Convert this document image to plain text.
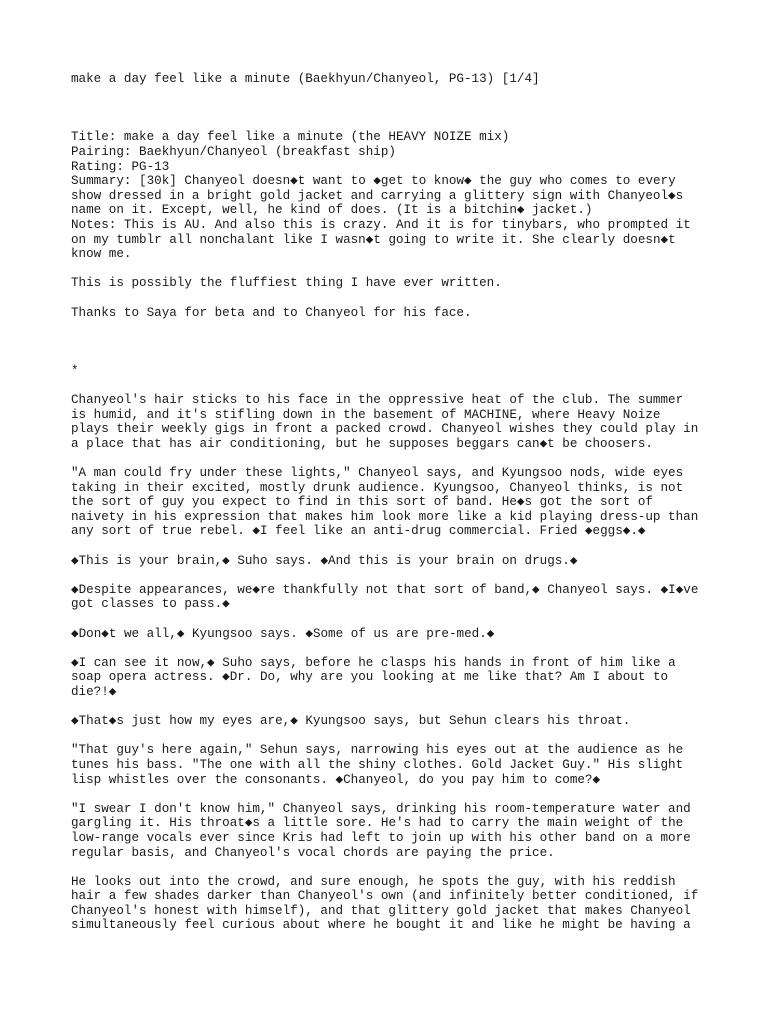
make a day feel like a minute (Baekhyun/Chanyeol, PG-13) [1/4]
Title: make a day feel like a minute (the HEAVY NOIZE mix)
Pairing: Baekhyun/Chanyeol (breakfast ship)
Rating: PG-13
Summary: [30k] Chanyeol doesn◆t want to ◆get to know◆ the guy who comes to every
show dressed in a bright gold jacket and carrying a glittery sign with Chanyeol◆s
name on it. Except, well, he kind of does. (It is a bitchin◆ jacket.)
Notes: This is AU. And also this is crazy. And it is for tinybars, who prompted it
on my tumblr all nonchalant like I wasn◆t going to write it. She clearly doesn◆t
know me.
This is possibly the fluffiest thing I have ever written.
Thanks to Saya for beta and to Chanyeol for his face.
*
Chanyeol's hair sticks to his face in the oppressive heat of the club. The summer
is humid, and it's stifling down in the basement of MACHINE, where Heavy Noize
plays their weekly gigs in front a packed crowd. Chanyeol wishes they could play in
a place that has air conditioning, but he supposes beggars can◆t be choosers.
"A man could fry under these lights," Chanyeol says, and Kyungsoo nods, wide eyes
taking in their excited, mostly drunk audience. Kyungsoo, Chanyeol thinks, is not
the sort of guy you expect to find in this sort of band. He◆s got the sort of
naivety in his expression that makes him look more like a kid playing dress-up than
any sort of true rebel. ◆I feel like an anti-drug commercial. Fried ◆eggs◆.◆
◆This is your brain,◆ Suho says. ◆And this is your brain on drugs.◆
◆Despite appearances, we◆re thankfully not that sort of band,◆ Chanyeol says. ◆I◆ve
got classes to pass.◆
◆Don◆t we all,◆ Kyungsoo says. ◆Some of us are pre-med.◆
◆I can see it now,◆ Suho says, before he clasps his hands in front of him like a
soap opera actress. ◆Dr. Do, why are you looking at me like that? Am I about to
die?!◆
◆That◆s just how my eyes are,◆ Kyungsoo says, but Sehun clears his throat.
"That guy's here again," Sehun says, narrowing his eyes out at the audience as he
tunes his bass. "The one with all the shiny clothes. Gold Jacket Guy." His slight
lisp whistles over the consonants. ◆Chanyeol, do you pay him to come?◆
"I swear I don't know him," Chanyeol says, drinking his room-temperature water and
gargling it. His throat◆s a little sore. He's had to carry the main weight of the
low-range vocals ever since Kris had left to join up with his other band on a more
regular basis, and Chanyeol's vocal chords are paying the price.
He looks out into the crowd, and sure enough, he spots the guy, with his reddish
hair a few shades darker than Chanyeol's own (and infinitely better conditioned, if
Chanyeol's honest with himself), and that glittery gold jacket that makes Chanyeol
simultaneously feel curious about where he bought it and like he might be having a
